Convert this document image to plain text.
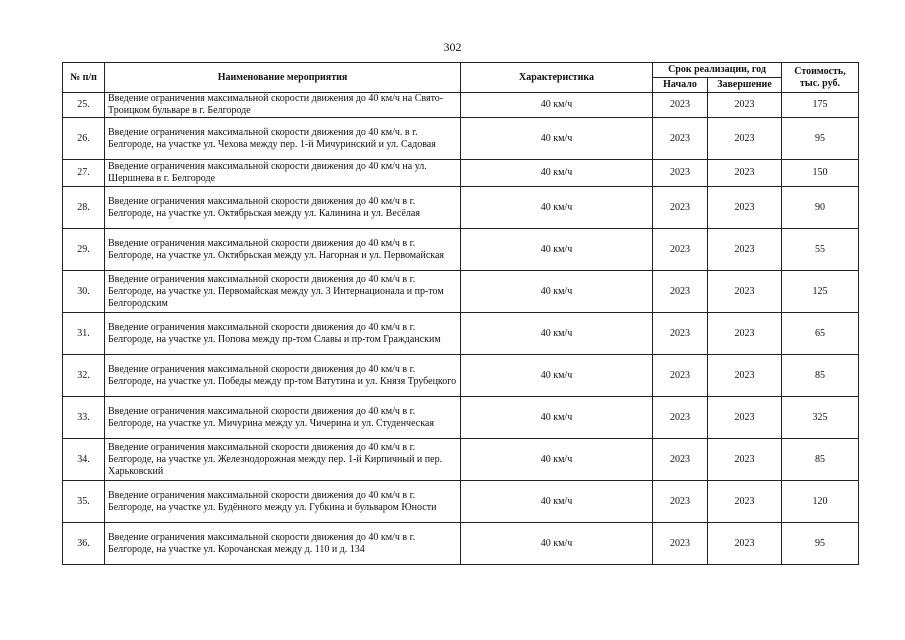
302
№ п/п	Наименование мероприятия	Характеристика	Срок реализации, год		Стоимость, тыс. руб.
			Начало	Завершение	
25.	Введение ограничения максимальной скорости движения до 40 км/ч на Свято-Троицком бульваре в г. Белгороде	40 км/ч	2023	2023	175
26.	Введение ограничения максимальной скорости движения до 40 км/ч. в г. Белгороде, на участке ул. Чехова между пер. 1-й Мичуринский и ул. Садовая	40 км/ч	2023	2023	95
27.	Введение ограничения максимальной скорости движения до 40 км/ч на ул. Шершнева в г. Белгороде	40 км/ч	2023	2023	150
28.	Введение ограничения максимальной скорости движения до 40 км/ч в г. Белгороде, на участке ул. Октябрьская между ул. Калинина и ул. Весёлая	40 км/ч	2023	2023	90
29.	Введение ограничения максимальной скорости движения до 40 км/ч в г. Белгороде, на участке ул. Октябрьская между ул. Нагорная и ул. Первомайская	40 км/ч	2023	2023	55
30.	Введение ограничения максимальной скорости движения до 40 км/ч в г. Белгороде, на участке ул. Первомайская между ул. 3 Интернационала и пр-том Белгородским	40 км/ч	2023	2023	125
31.	Введение ограничения максимальной скорости движения до 40 км/ч в г. Белгороде, на участке ул. Попова между пр-том Славы и пр-том Гражданским	40 км/ч	2023	2023	65
32.	Введение ограничения максимальной скорости движения до 40 км/ч в г. Белгороде, на участке ул. Победы между пр-том Ватутина и ул. Князя Трубецкого	40 км/ч	2023	2023	85
33.	Введение ограничения максимальной скорости движения до 40 км/ч в г. Белгороде, на участке ул. Мичурина между ул. Чичерина и ул. Студенческая	40 км/ч	2023	2023	325
34.	Введение ограничения максимальной скорости движения до 40 км/ч в г. Белгороде, на участке ул. Железнодорожная между пер. 1-й Кирпичный и пер. Харьковский	40 км/ч	2023	2023	85
35.	Введение ограничения максимальной скорости движения до 40 км/ч в г. Белгороде, на участке ул. Будённого между ул. Губкина и бульваром Юности	40 км/ч	2023	2023	120
36.	Введение ограничения максимальной скорости движения до 40 км/ч в г. Белгороде, на участке ул. Корочанская между д. 110 и д. 134	40 км/ч	2023	2023	95
